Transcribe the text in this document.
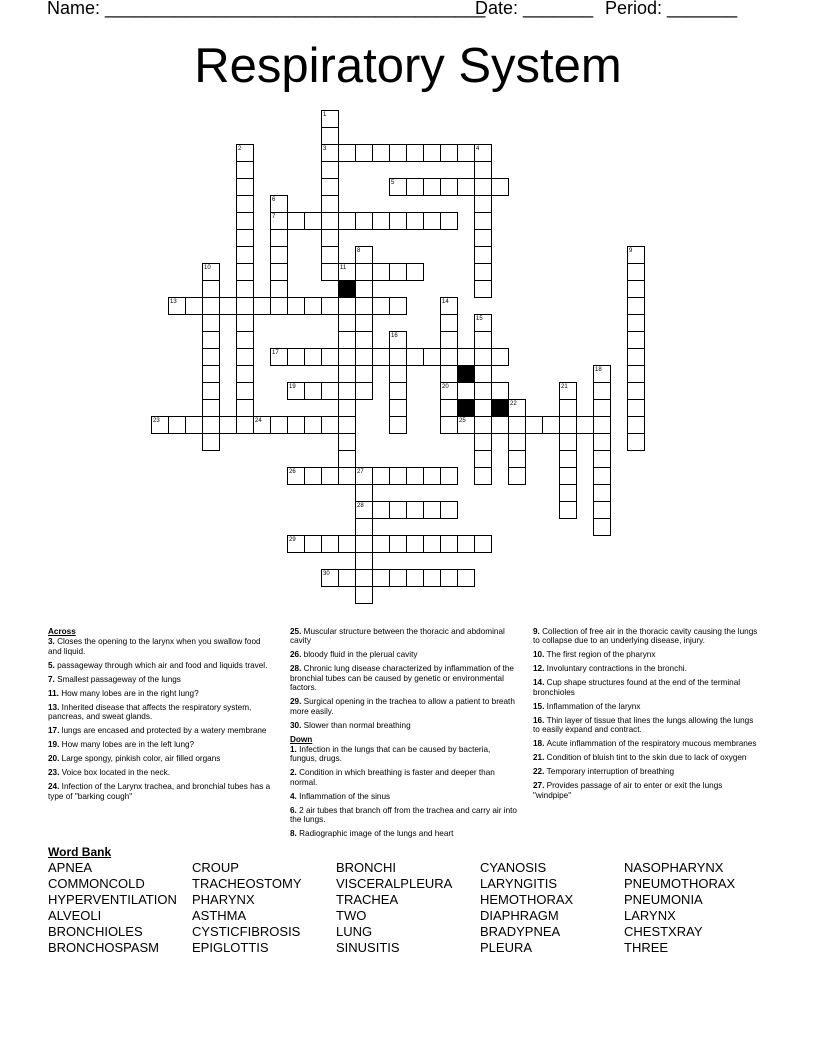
Name: ______________________________________
Date: _______ Period: _______
Respiratory System
1
2	3	4
5
6
7
8	9
10	11
12
13	14
15
16
17
18
19	20	21
22
23	24	25
26	27
28
29
30

Across

3. Closes the opening to the larynx when you swallow food and liquid.

5. passageway through which air and food and liquids travel.

7. Smallest passageway of the lungs

11. How many lobes are in the right lung?

13. Inherited disease that affects the respiratory system, pancreas, and sweat glands.

17. lungs are encased and protected by a watery membrane

19. How many lobes are in the left lung?

20. Large spongy, pinkish color, air filled organs

23. Voice box located in the neck.

24. Infection of the Larynx trachea, and bronchial tubes has a type of "barking cough"

25. Muscular structure between the thoracic and abdominal cavity

26. bloody fluid in the plerual cavity

28. Chronic lung disease characterized by inflammation of the bronchial tubes can be caused by genetic or environmental factors.

29. Surgical opening in the trachea to allow a patient to breath more easily.

30. Slower than normal breathing

Down

1. Infection in the lungs that can be caused by bacteria, fungus, drugs.

2. Condition in which breathing is faster and deeper than normal.

4. Inflammation of the sinus

6. 2 air tubes that branch off from the trachea and carry air into the lungs.

8. Radiographic image of the lungs and heart

9. Collection of free air in the thoracic cavity causing the lungs to collapse due to an underlying disease, injury.

10. The first region of the pharynx

12. Involuntary contractions in the bronchi.

14. Cup shape structures found at the end of the terminal bronchioles

15. Inflammation of the larynx

16. Thin layer of tissue that lines the lungs allowing the lungs to easily expand and contract.

18. Acute inflammation of the respiratory mucous membranes

21. Condition of bluish tint to the skin due to lack of oxygen

22. Temporary interruption of breathing

27. Provides passage of air to enter or exit the lungs "windpipe"

Word Bank
APNEA
COMMONCOLD
HYPERVENTILATION
ALVEOLI
BRONCHIOLES
BRONCHOSPASM
CROUP
TRACHEOSTOMY
PHARYNX
ASTHMA
CYSTICFIBROSIS
EPIGLOTTIS
BRONCHI
VISCERALPLEURA
TRACHEA
TWO
LUNG
SINUSITIS
CYANOSIS
LARYNGITIS
HEMOTHORAX
DIAPHRAGM
BRADYPNEA
PLEURA
NASOPHARYNX
PNEUMOTHORAX
PNEUMONIA
LARYNX
CHESTXRAY
THREE
